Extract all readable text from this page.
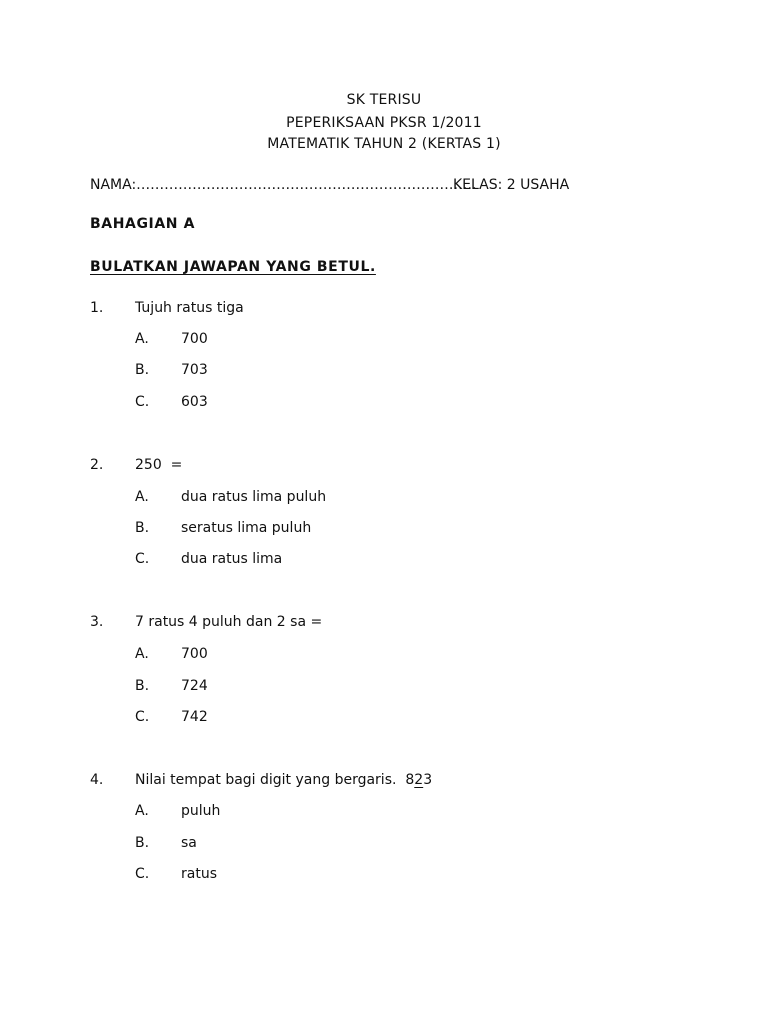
SK TERISU
PEPERIKSAAN PKSR 1/2011
MATEMATIK TAHUN 2 (KERTAS 1)
NAMA:……………………………………………………………….
KELAS: 2 USAHA
BAHAGIAN A
BULATKAN JAWAPAN YANG BETUL.
1. Tujuh ratus tiga
A. 700
B. 703
C. 603
2. 250  =
A. dua ratus lima puluh
B. seratus lima puluh
C. dua ratus lima
3. 7 ratus 4 puluh dan 2 sa =
A. 700
B. 724
C. 742
4. Nilai tempat bagi digit yang bergaris.  823
A. puluh
B. sa
C. ratus
